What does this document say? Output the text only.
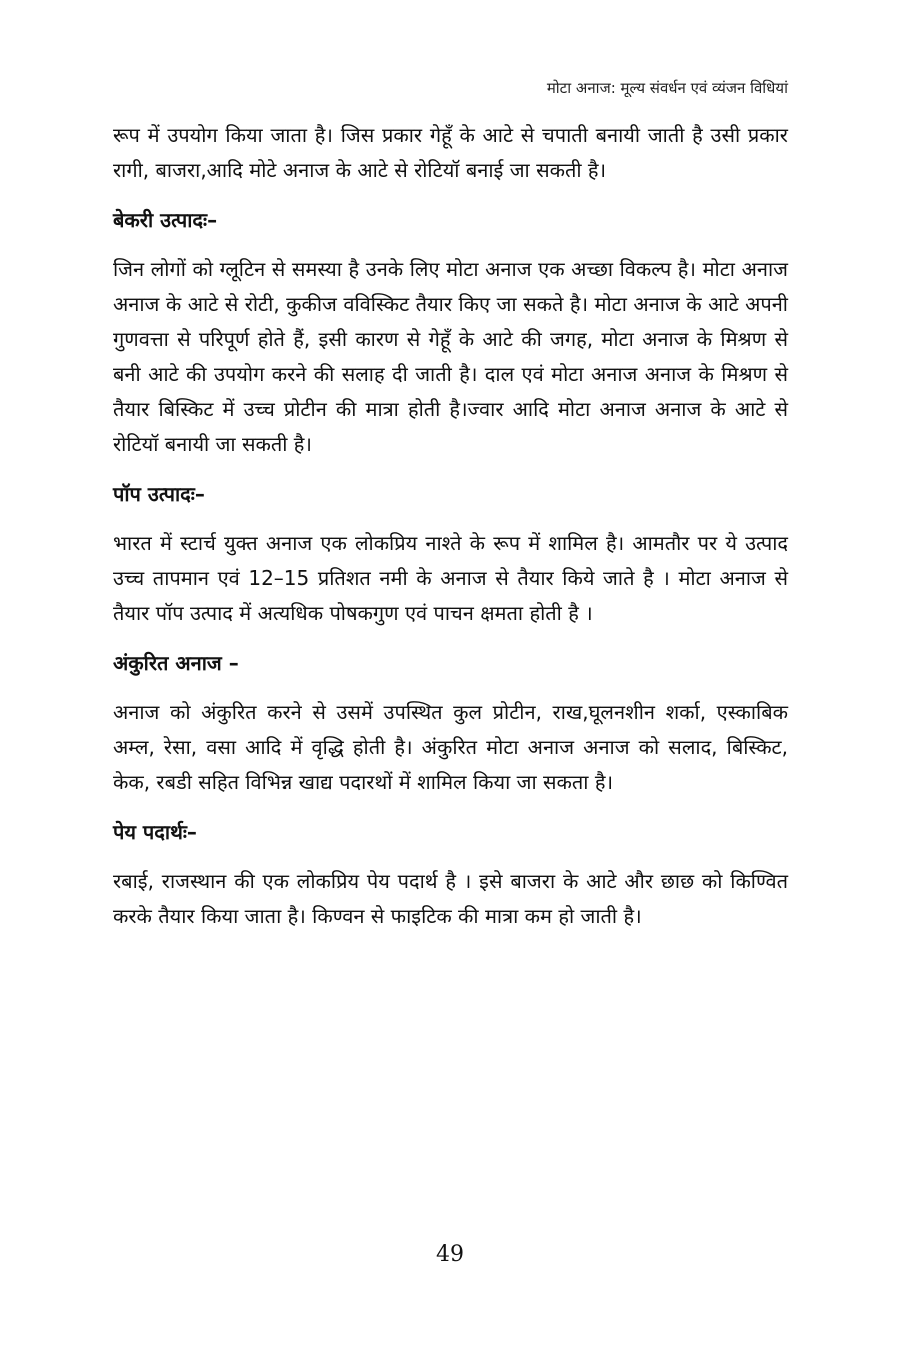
मोटा अनाज: मूल्य संवर्धन एवं व्यंजन विधियां

रूप में उपयोग किया जाता है। जिस प्रकार गेहूँ के आटे से चपाती बनायी जाती है उसी प्रकार रागी, बाजरा,आदि मोटे अनाज के आटे से रोटियॉ बनाई जा सकती है।

बेकरी उत्पादः–

जिन लोगों को ग्लूटिन से समस्या है उनके लिए मोटा अनाज एक अच्छा विकल्प है। मोटा अनाज अनाज के आटे से रोटी, कुकीज वविस्किट तैयार किए जा सकते है। मोटा अनाज के आटे अपनी गुणवत्ता से परिपूर्ण होते हैं, इसी कारण से गेहूँ के आटे की जगह, मोटा अनाज के मिश्रण से बनी आटे की उपयोग करने की सलाह दी जाती है। दाल एवं मोटा अनाज अनाज के मिश्रण से तैयार बिस्किट में उच्च प्रोटीन की मात्रा होती है।ज्वार आदि मोटा अनाज अनाज के आटे से रोटियॉ बनायी जा सकती है।

पॉप उत्पादः–

भारत में स्टार्च युक्त अनाज एक लोकप्रिय नाश्ते के रूप में शामिल है। आमतौर पर ये उत्पाद उच्च तापमान एवं 12–15 प्रतिशत नमी के अनाज से तैयार किये जाते है । मोटा अनाज से तैयार पॉप उत्पाद में अत्यधिक पोषकगुण एवं पाचन क्षमता होती है ।

अंकुरित अनाज –

अनाज को अंकुरित करने से उसमें उपस्थित कुल प्रोटीन, राख,घूलनशीन शर्का, एस्काबिक अम्ल, रेसा, वसा आदि में वृद्धि होती है। अंकुरित मोटा अनाज अनाज को सलाद, बिस्किट, केक, रबडी सहित विभिन्न खाद्य पदारथों में शामिल किया जा सकता है।

पेय पदार्थः–

रबाई, राजस्थान की एक लोकप्रिय पेय पदार्थ है । इसे बाजरा के आटे और छाछ को किण्वित करके तैयार किया जाता है। किण्वन से फाइटिक की मात्रा कम हो जाती है।

49
